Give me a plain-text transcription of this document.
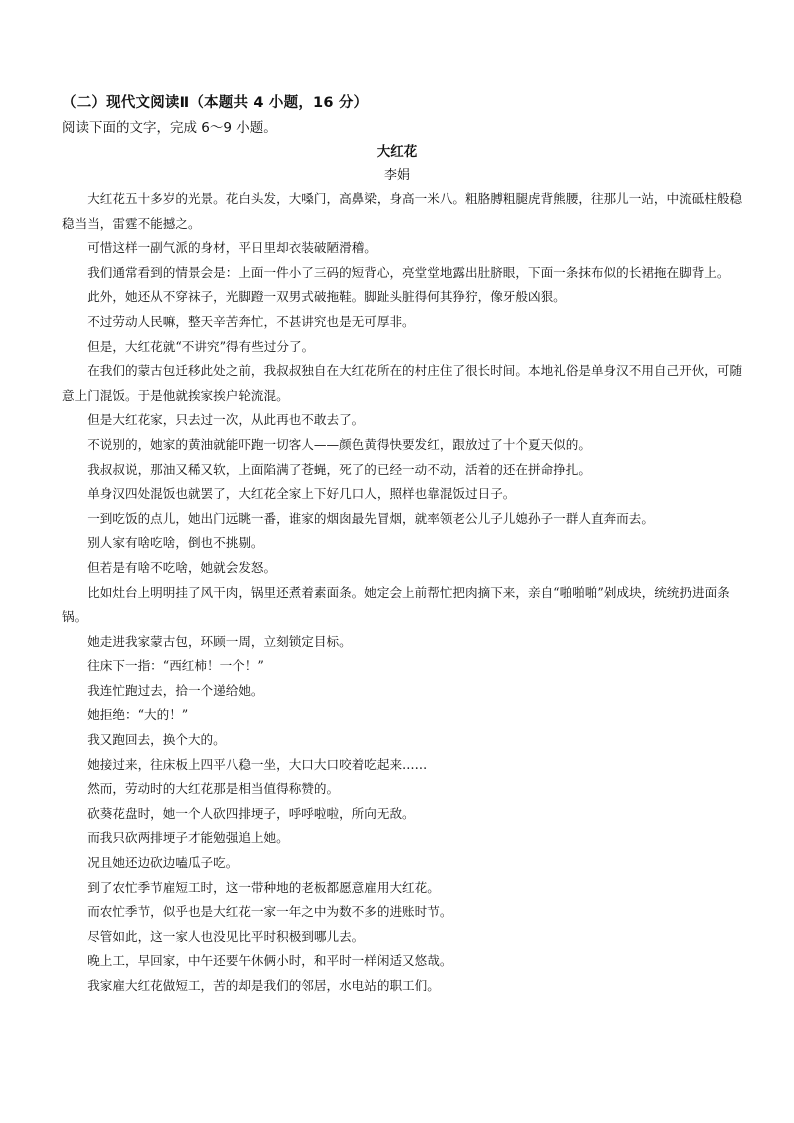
（二）现代文阅读Ⅱ（本题共 4 小题，16 分）
阅读下面的文字，完成 6～9 小题。
大红花
李娟

大红花五十多岁的光景。花白头发，大嗓门，高鼻梁，身高一米八。粗胳膊粗腿虎背熊腰，往那儿一站，中流砥柱般稳稳当当，雷霆不能撼之。

可惜这样一副气派的身材，平日里却衣装破陋滑稽。

我们通常看到的情景会是：上面一件小了三码的短背心，亮堂堂地露出肚脐眼，下面一条抹布似的长裙拖在脚背上。

此外，她还从不穿袜子，光脚蹬一双男式破拖鞋。脚趾头脏得何其狰狞，像牙般凶狠。

不过劳动人民嘛，整天辛苦奔忙，不甚讲究也是无可厚非。

但是，大红花就“不讲究”得有些过分了。

在我们的蒙古包迁移此处之前，我叔叔独自在大红花所在的村庄住了很长时间。本地礼俗是单身汉不用自己开伙，可随意上门混饭。于是他就挨家挨户轮流混。

但是大红花家，只去过一次，从此再也不敢去了。

不说别的，她家的黄油就能吓跑一切客人——颜色黄得快要发红，跟放过了十个夏天似的。

我叔叔说，那油又稀又软，上面陷满了苍蝇，死了的已经一动不动，活着的还在拼命挣扎。

单身汉四处混饭也就罢了，大红花全家上下好几口人，照样也靠混饭过日子。

一到吃饭的点儿，她出门远眺一番，谁家的烟囱最先冒烟，就率领老公儿子儿媳孙子一群人直奔而去。

别人家有啥吃啥，倒也不挑剔。

但若是有啥不吃啥，她就会发怒。

比如灶台上明明挂了风干肉，锅里还煮着素面条。她定会上前帮忙把肉摘下来，亲自“啪啪啪”剁成块，统统扔进面条锅。

她走进我家蒙古包，环顾一周，立刻锁定目标。

往床下一指：“西红柿！一个！”

我连忙跑过去，拾一个递给她。

她拒绝：“大的！”

我又跑回去，换个大的。

她接过来，往床板上四平八稳一坐，大口大口咬着吃起来……

然而，劳动时的大红花那是相当值得称赞的。

砍葵花盘时，她一个人砍四排埂子，呼呼啦啦，所向无敌。

而我只砍两排埂子才能勉强追上她。

况且她还边砍边嗑瓜子吃。

到了农忙季节雇短工时，这一带种地的老板都愿意雇用大红花。

而农忙季节，似乎也是大红花一家一年之中为数不多的进账时节。

尽管如此，这一家人也没见比平时积极到哪儿去。

晚上工，早回家，中午还要午休俩小时，和平时一样闲适又悠哉。

我家雇大红花做短工，苦的却是我们的邻居，水电站的职工们。
